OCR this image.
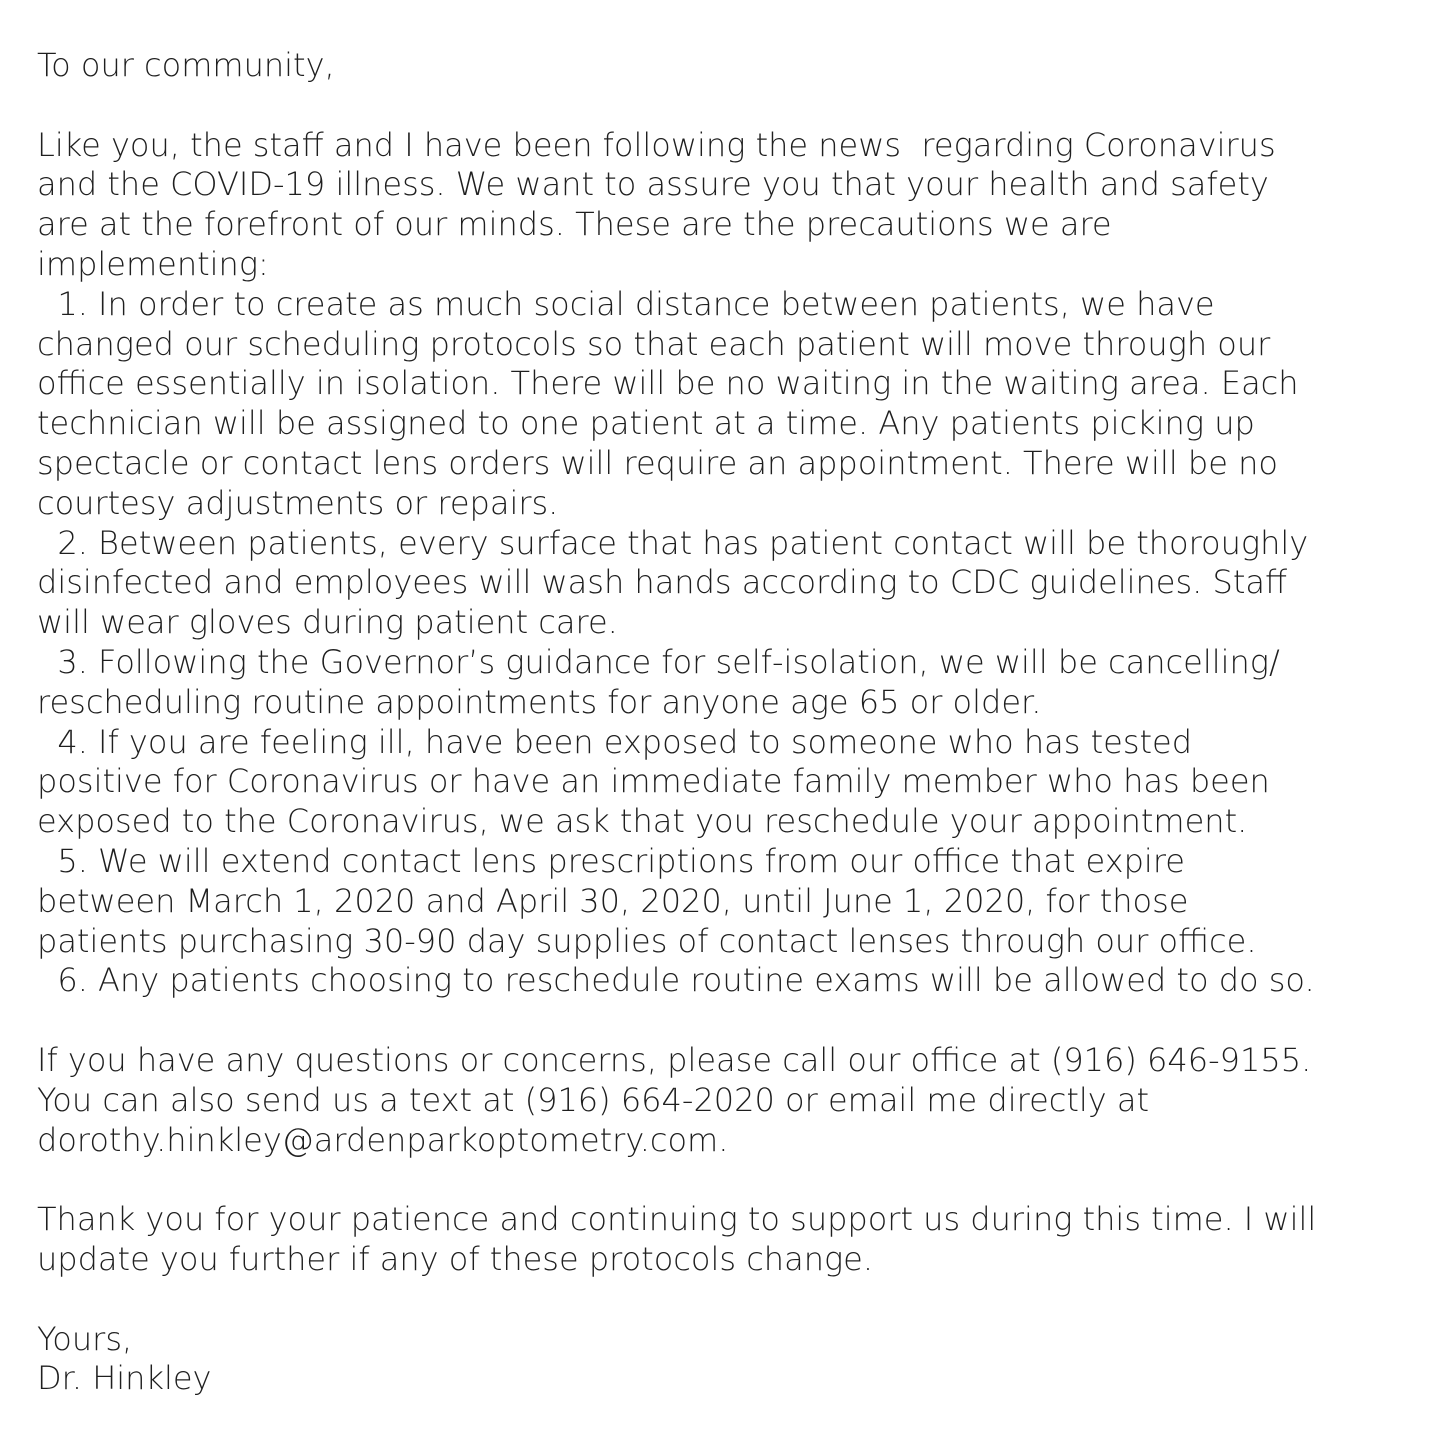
To our community,
Like you, the staff and I have been following the news  regarding Coronavirus
and the COVID-19 illness. We want to assure you that your health and safety
are at the forefront of our minds. These are the precautions we are
implementing:
1. In order to create as much social distance between patients, we have
changed our scheduling protocols so that each patient will move through our
office essentially in isolation. There will be no waiting in the waiting area. Each
technician will be assigned to one patient at a time. Any patients picking up
spectacle or contact lens orders will require an appointment. There will be no
courtesy adjustments or repairs.
2. Between patients, every surface that has patient contact will be thoroughly
disinfected and employees will wash hands according to CDC guidelines. Staff
will wear gloves during patient care.
3. Following the Governor’s guidance for self-isolation, we will be cancelling/
rescheduling routine appointments for anyone age 65 or older.
4. If you are feeling ill, have been exposed to someone who has tested
positive for Coronavirus or have an immediate family member who has been
exposed to the Coronavirus, we ask that you reschedule your appointment.
5. We will extend contact lens prescriptions from our office that expire
between March 1, 2020 and April 30, 2020, until June 1, 2020, for those
patients purchasing 30-90 day supplies of contact lenses through our office.
6. Any patients choosing to reschedule routine exams will be allowed to do so.
If you have any questions or concerns, please call our office at (916) 646-9155.
You can also send us a text at (916) 664-2020 or email me directly at
dorothy.hinkley@ardenparkoptometry.com.
Thank you for your patience and continuing to support us during this time. I will
update you further if any of these protocols change.
Yours,
Dr. Hinkley
